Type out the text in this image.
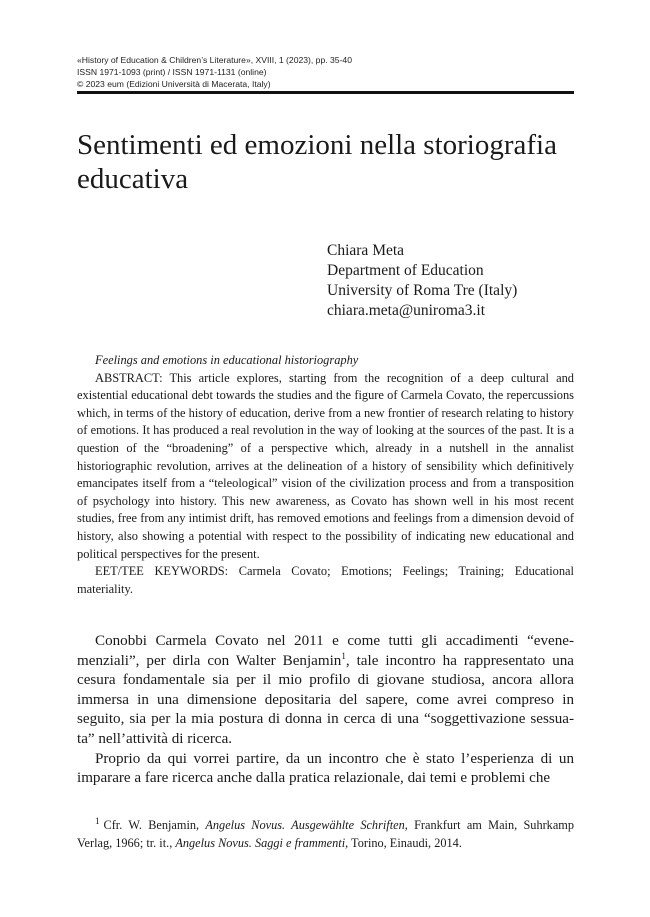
«History of Education & Children’s Literature», XVIII, 1 (2023), pp. 35-40
ISSN 1971-1093 (print) / ISSN 1971-1131 (online)
© 2023 eum (Edizioni Università di Macerata, Italy)
Sentimenti ed emozioni nella storiografia
educativa
Chiara Meta
Department of Education
University of Roma Tre (Italy)
chiara.meta@uniroma3.it

Feelings and emotions in educational historiography

ABSTRACT: This article explores, starting from the recognition of a deep cultural and existential educational debt towards the studies and the figure of Carmela Covato, the repercussions which, in terms of the history of education, derive from a new frontier of research relating to history of emotions. It has produced a real revolution in the way of looking at the sources of the past. It is a question of the “broadening” of a perspective which, already in a nutshell in the annalist historiographic revolution, arrives at the delineation of a history of sensibility which definitively emancipates itself from a “teleological” vision of the civilization process and from a transposition of psychology into history. This new awareness, as Covato has shown well in his most recent studies, free from any intimist drift, has removed emotions and feelings from a dimension devoid of history, also showing a potential with respect to the possibility of indicating new educational and political perspectives for the present.

EET/TEE KEYWORDS: Carmela Covato; Emotions; Feelings; Training; Educational materiality.

Conobbi Carmela Covato nel 2011 e come tutti gli accadimenti “evene-menziali”, per dirla con Walter Benjamin$^1$, tale incontro ha rappresentato una cesura fondamentale sia per il mio profilo di giovane studiosa, ancora allora immersa in una dimensione depositaria del sapere, come avrei compreso in seguito, sia per la mia postura di donna in cerca di una “soggettivazione sessua-ta” nell’attività di ricerca.

Proprio da qui vorrei partire, da un incontro che è stato l’esperienza di un imparare a fare ricerca anche dalla pratica relazionale, dai temi e problemi che

$^1$ Cfr. W. Benjamin, Angelus Novus. Ausgewählte Schriften, Frankfurt am Main, Suhrkamp Verlag, 1966; tr. it., Angelus Novus. Saggi e frammenti, Torino, Einaudi, 2014.
